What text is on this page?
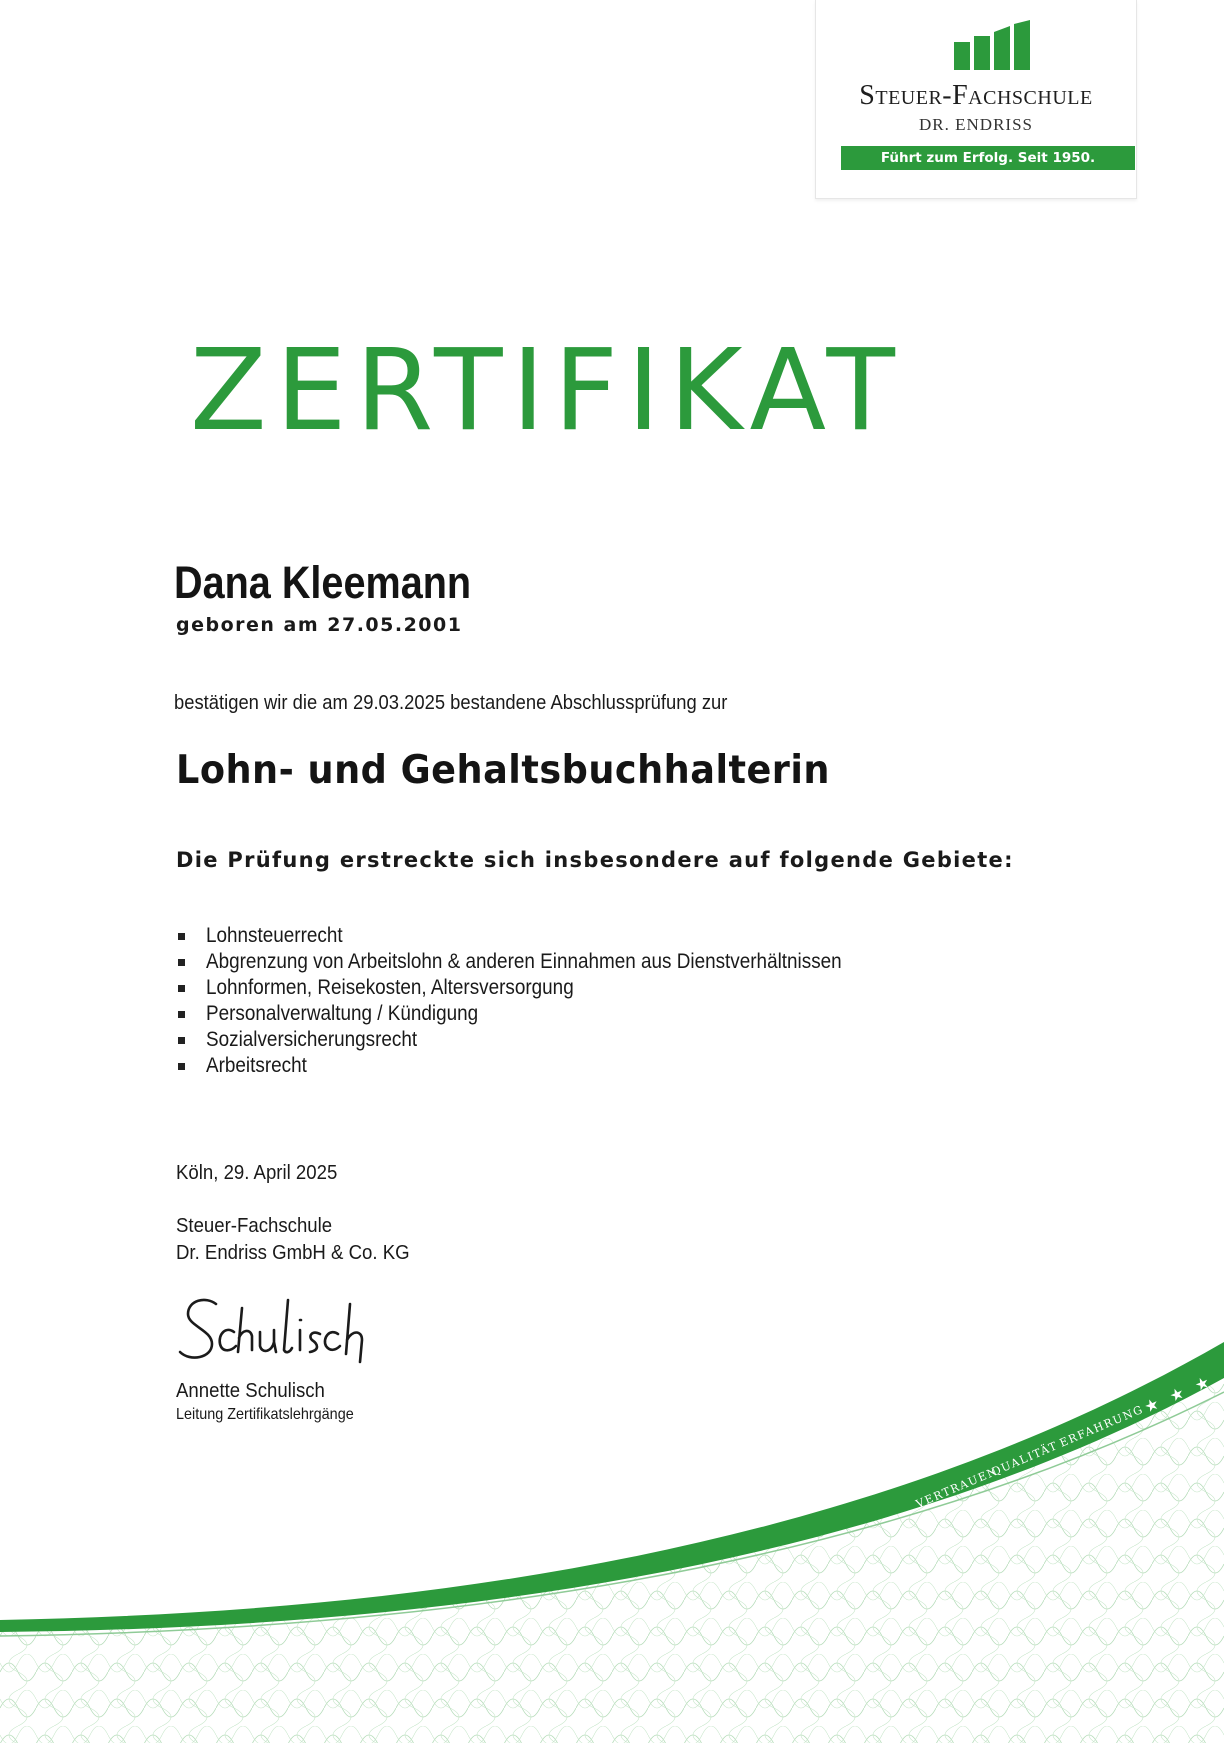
Steuer-Fachschule
DR. ENDRISS
Führt zum Erfolg. Seit 1950.
ZERTIFIKAT
Dana Kleemann
geboren am 27.05.2001
bestätigen wir die am 29.03.2025 bestandene Abschlussprüfung zur
Lohn- und Gehaltsbuchhalterin
Die Prüfung erstreckte sich insbesondere auf folgende Gebiete:
Lohnsteuerrecht
Abgrenzung von Arbeitslohn & anderen Einnahmen aus Dienstverhältnissen
Lohnformen, Reisekosten, Altersversorgung
Personalverwaltung / Kündigung
Sozialversicherungsrecht
Arbeitsrecht
Köln, 29. April 2025
Steuer-Fachschule
Dr. Endriss GmbH & Co. KG
Annette Schulisch
Leitung Zertifikatslehrgänge
VERTRAUEN
QUALITÄT
ERFAHRUNG
★ ★ ★
